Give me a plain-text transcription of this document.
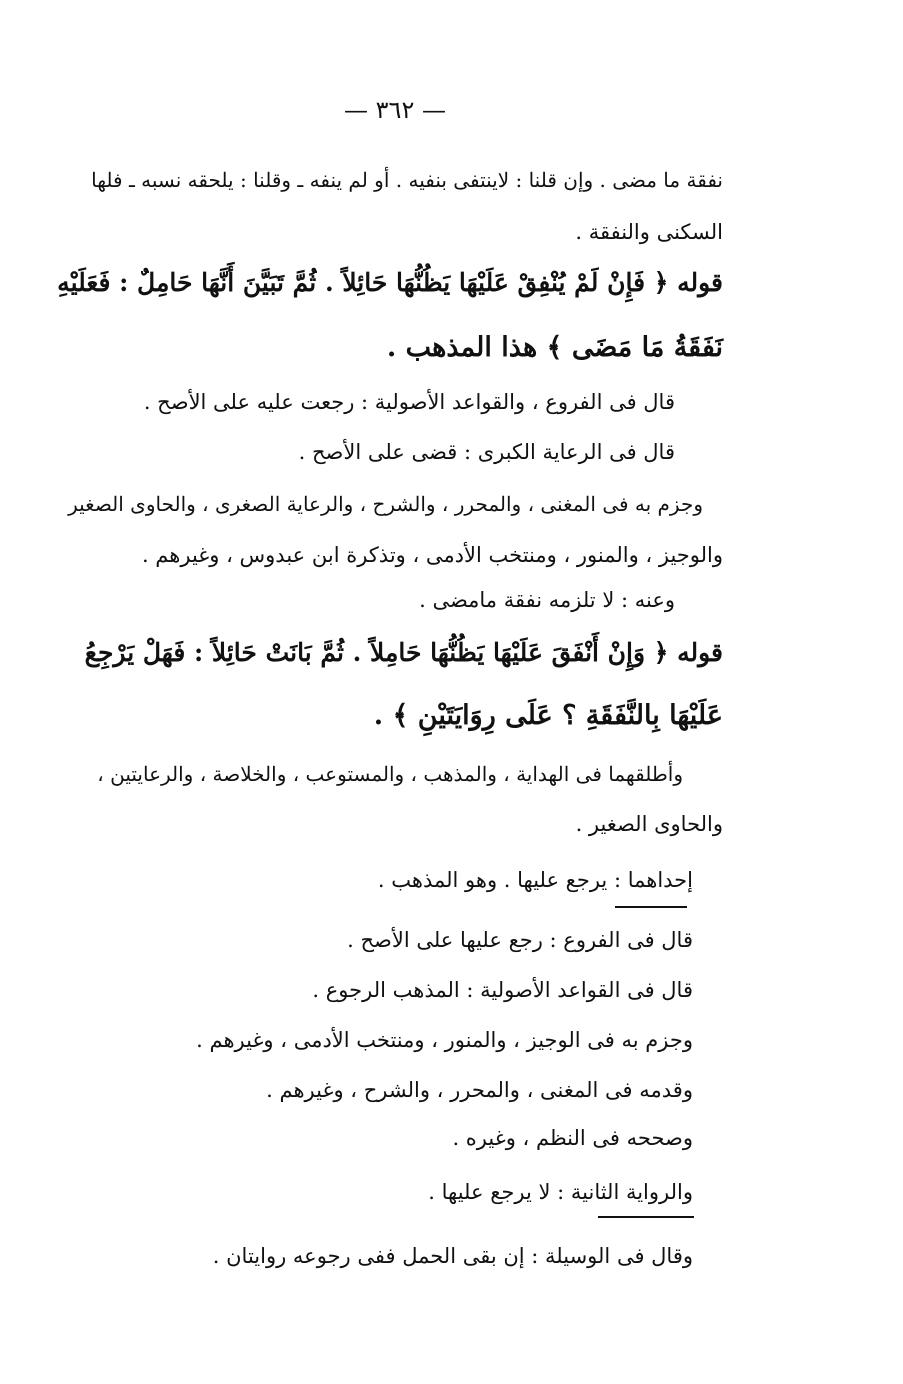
— ٣٦٢ —
نفقة ما مضى . وإن قلنا : لاينتفى بنفيه . أو لم ينفه ـ وقلنا : يلحقه نسبه ـ فلها
السكنى والنفقة .
قوله ﴿ فَإِنْ لَمْ يُنْفِقْ عَلَيْهَا يَظُنُّهَا حَائِلاً . ثُمَّ تَبَيَّنَ أَنَّهَا حَامِلٌ : فَعَلَيْهِ
نَفَقَةُ مَا مَضَى ﴾ هذا المذهب .
قال فى الفروع ، والقواعد الأصولية : رجعت عليه على الأصح .
قال فى الرعاية الكبرى : قضى على الأصح .
وجزم به فى المغنى ، والمحرر ، والشرح ، والرعاية الصغرى ، والحاوى الصغير
والوجيز ، والمنور ، ومنتخب الأدمى ، وتذكرة ابن عبدوس ، وغيرهم .
وعنه : لا تلزمه نفقة مامضى .
قوله ﴿ وَإِنْ أَنْفَقَ عَلَيْهَا يَظُنُّهَا حَامِلاً . ثُمَّ بَانَتْ حَائِلاً : فَهَلْ يَرْجِعُ
عَلَيْهَا بِالنَّفَقَةِ ؟ عَلَى رِوَايَتَيْنِ ﴾ .
وأطلقهما فى الهداية ، والمذهب ، والمستوعب ، والخلاصة ، والرعايتين ،
والحاوى الصغير .
إحداهما : يرجع عليها . وهو المذهب .
قال فى الفروع : رجع عليها على الأصح .
قال فى القواعد الأصولية : المذهب الرجوع .
وجزم به فى الوجيز ، والمنور ، ومنتخب الأدمى ، وغيرهم .
وقدمه فى المغنى ، والمحرر ، والشرح ، وغيرهم .
وصححه فى النظم ، وغيره .
والرواية الثانية : لا يرجع عليها .
وقال فى الوسيلة : إن بقى الحمل ففى رجوعه روايتان .
